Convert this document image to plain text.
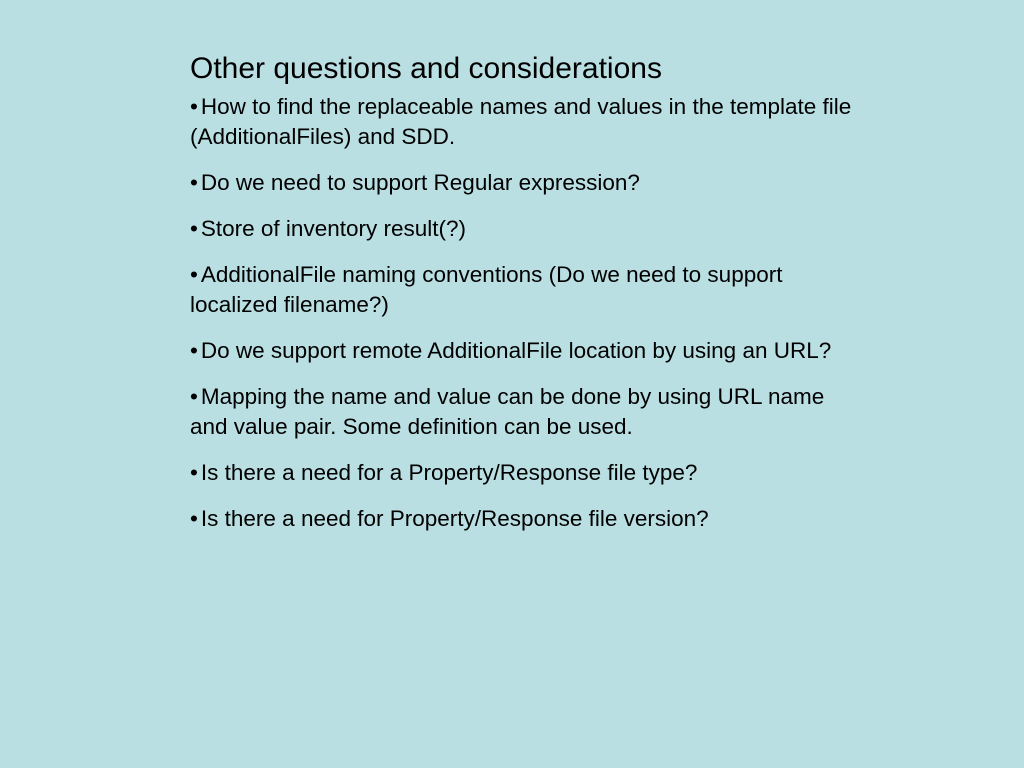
Other questions and considerations
• How to find the replaceable names and values in the template file (AdditionalFiles) and SDD.
• Do we need to support Regular expression?
• Store of inventory result(?)
• AdditionalFile naming conventions (Do we need to support localized filename?)
• Do we support remote AdditionalFile location by using an URL?
• Mapping the name and value can be done by using URL name and value pair. Some definition can be used.
• Is there a need for a Property/Response file type?
• Is there a need for Property/Response file version?
